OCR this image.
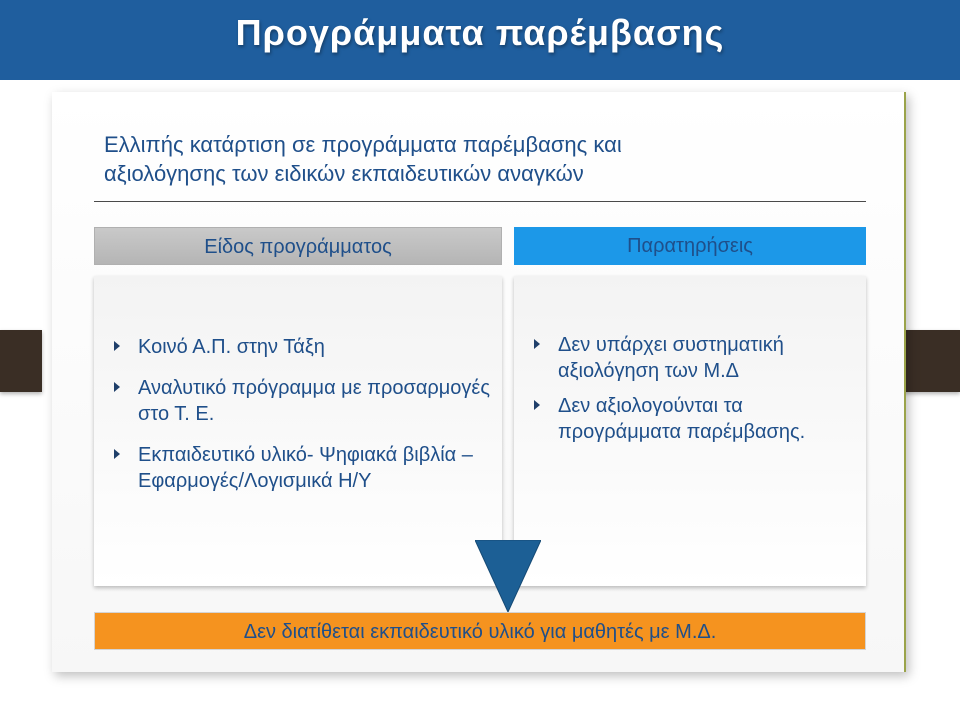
Προγράμματα παρέμβασης
Ελλιπής κατάρτιση σε προγράμματα παρέμβασης και
αξιολόγησης των ειδικών εκπαιδευτικών αναγκών
Είδος προγράμματος	Παρατηρήσεις
Κοινό Α.Π. στην Τάξη
Αναλυτικό πρόγραμμα με προσαρμογές στο Τ. Ε.
Εκπαιδευτικό υλικό- Ψηφιακά βιβλία –Εφαρμογές/Λογισμικά Η/Υ
Δεν υπάρχει συστηματική αξιολόγηση των Μ.Δ
Δεν αξιολογούνται τα προγράμματα παρέμβασης.
Δεν διατίθεται εκπαιδευτικό υλικό για μαθητές με Μ.Δ.
